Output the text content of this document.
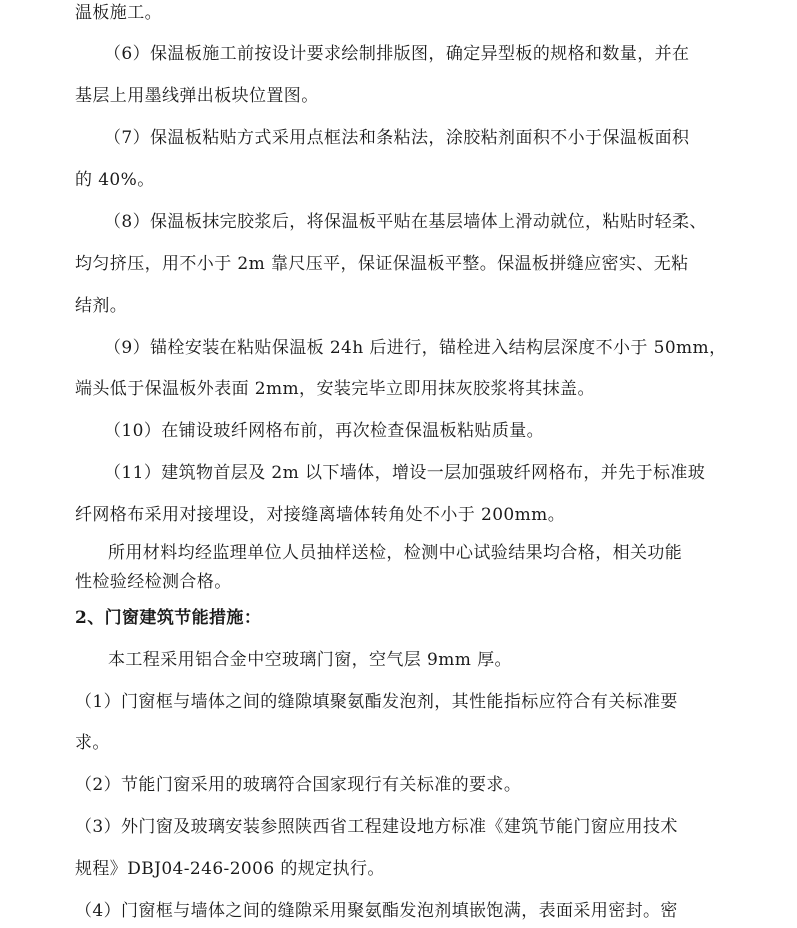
温板施工。
（6）保温板施工前按设计要求绘制排版图，确定异型板的规格和数量，并在
基层上用墨线弹出板块位置图。
（7）保温板粘贴方式采用点框法和条粘法，涂胶粘剂面积不小于保温板面积
的 40%。
（8）保温板抹完胶浆后，将保温板平贴在基层墙体上滑动就位，粘贴时轻柔、
均匀挤压，用不小于 2m 靠尺压平，保证保温板平整。保温板拼缝应密实、无粘
结剂。
（9）锚栓安装在粘贴保温板 24h 后进行，锚栓进入结构层深度不小于 50mm，
端头低于保温板外表面 2mm，安装完毕立即用抹灰胶浆将其抹盖。
（10）在铺设玻纤网格布前，再次检查保温板粘贴质量。
（11）建筑物首层及 2m 以下墙体，增设一层加强玻纤网格布，并先于标准玻
纤网格布采用对接埋设，对接缝离墙体转角处不小于 200mm。
所用材料均经监理单位人员抽样送检，检测中心试验结果均合格，相关功能
性检验经检测合格。
2、门窗建筑节能措施：
本工程采用铝合金中空玻璃门窗，空气层 9mm 厚。
（1）门窗框与墙体之间的缝隙填聚氨酯发泡剂，其性能指标应符合有关标准要
求。
（2）节能门窗采用的玻璃符合国家现行有关标准的要求。
（3）外门窗及玻璃安装参照陕西省工程建设地方标准《建筑节能门窗应用技术
规程》DBJ04-246-2006 的规定执行。
（4）门窗框与墙体之间的缝隙采用聚氨酯发泡剂填嵌饱满，表面采用密封。密
